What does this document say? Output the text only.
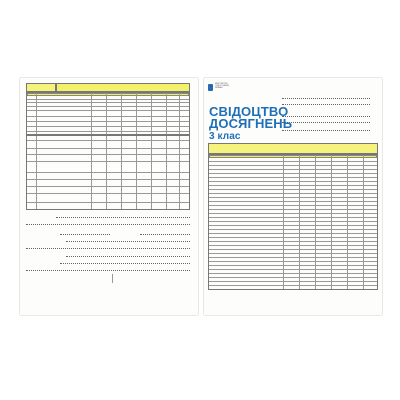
МІНІСТЕРСТВО
ОСВІТИ І НАУКИ
УКРАЇНИ
СВІДОЦТВО
ДОСЯГНЕНЬ

3 клас
